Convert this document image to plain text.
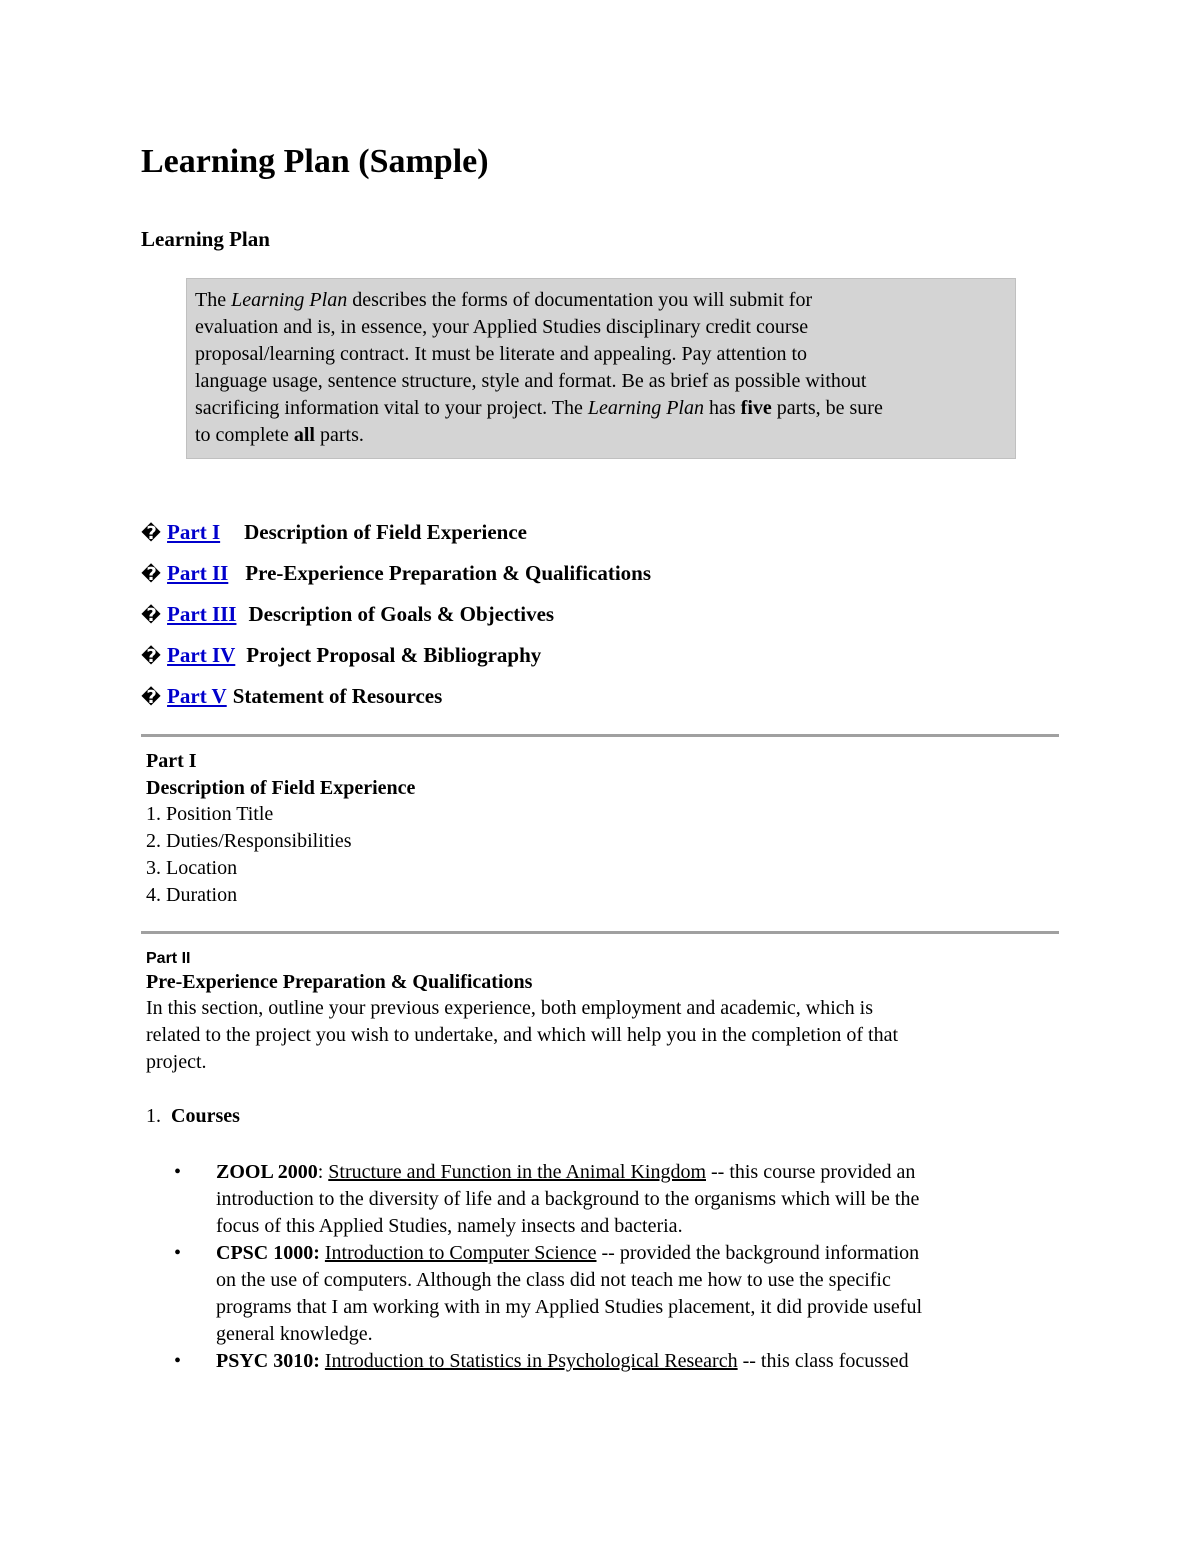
Learning Plan (Sample)
Learning Plan
The Learning Plan describes the forms of documentation you will submit for
evaluation and is, in essence, your Applied Studies disciplinary credit course
proposal/learning contract. It must be literate and appealing. Pay attention to
language usage, sentence structure, style and format. Be as brief as possible without
sacrificing information vital to your project. The Learning Plan has five parts, be sure
to complete all parts.
� Part I Description of Field Experience
� Part II Pre-Experience Preparation & Qualifications
� Part III Description of Goals & Objectives
� Part IV Project Proposal & Bibliography
� Part V Statement of Resources
Part I
Description of Field Experience
1. Position Title
2. Duties/Responsibilities
3. Location
4. Duration
Part II
Pre-Experience Preparation & Qualifications
In this section, outline your previous experience, both employment and academic, which is
related to the project you wish to undertake, and which will help you in the completion of that
project.
1. Courses
• ZOOL 2000: Structure and Function in the Animal Kingdom -- this course provided an
introduction to the diversity of life and a background to the organisms which will be the
focus of this Applied Studies, namely insects and bacteria.
• CPSC 1000: Introduction to Computer Science -- provided the background information
on the use of computers. Although the class did not teach me how to use the specific
programs that I am working with in my Applied Studies placement, it did provide useful
general knowledge.
• PSYC 3010: Introduction to Statistics in Psychological Research -- this class focussed
